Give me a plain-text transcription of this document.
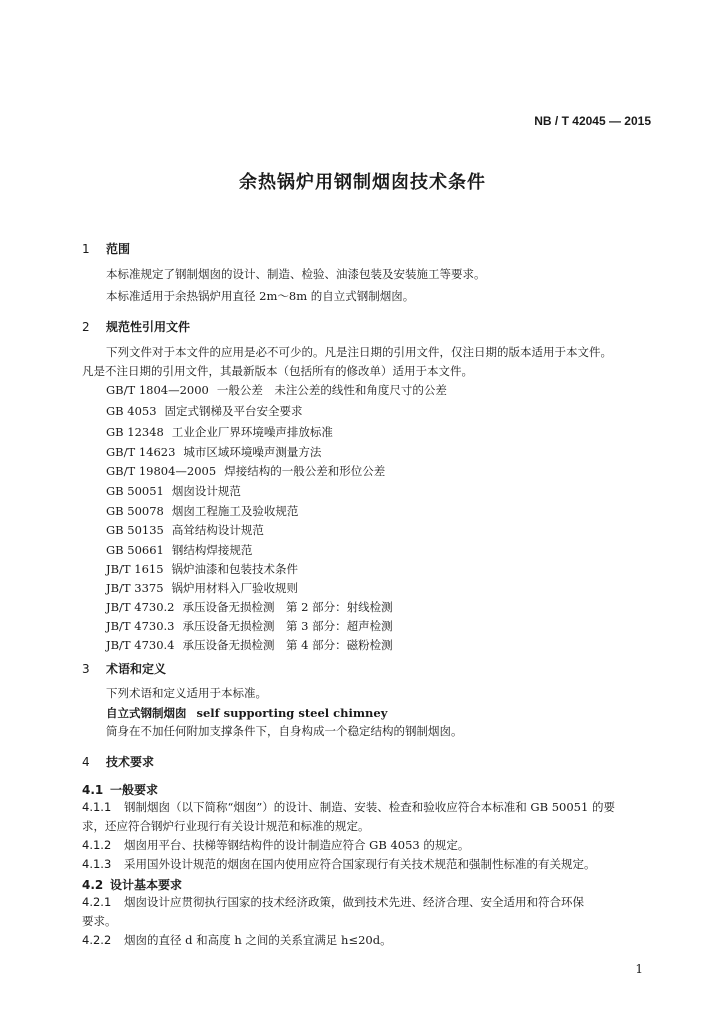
NB / T 42045 — 2015
余热锅炉用钢制烟囱技术条件
1 范围
本标准规定了钢制烟囱的设计、制造、检验、油漆包装及安装施工等要求。
本标准适用于余热锅炉用直径 2m～8m 的自立式钢制烟囱。
2 规范性引用文件
下列文件对于本文件的应用是必不可少的。凡是注日期的引用文件，仅注日期的版本适用于本文件。
凡是不注日期的引用文件，其最新版本（包括所有的修改单）适用于本文件。
GB/T 1804—2000 一般公差　未注公差的线性和角度尺寸的公差
GB 4053 固定式钢梯及平台安全要求
GB 12348 工业企业厂界环境噪声排放标准
GB/T 14623 城市区域环境噪声测量方法
GB/T 19804—2005 焊接结构的一般公差和形位公差
GB 50051 烟囱设计规范
GB 50078 烟囱工程施工及验收规范
GB 50135 高耸结构设计规范
GB 50661 钢结构焊接规范
JB/T 1615 锅炉油漆和包装技术条件
JB/T 3375 锅炉用材料入厂验收规则
JB/T 4730.2 承压设备无损检测　第 2 部分：射线检测
JB/T 4730.3 承压设备无损检测　第 3 部分：超声检测
JB/T 4730.4 承压设备无损检测　第 4 部分：磁粉检测
3 术语和定义
下列术语和定义适用于本标准。
自立式钢制烟囱 self supporting steel chimney
筒身在不加任何附加支撑条件下，自身构成一个稳定结构的钢制烟囱。
4 技术要求
4.1 一般要求
4.1.1 钢制烟囱（以下简称“烟囱”）的设计、制造、安装、检查和验收应符合本标准和 GB 50051 的要
求，还应符合钢炉行业现行有关设计规范和标准的规定。
4.1.2 烟囱用平台、扶梯等钢结构件的设计制造应符合 GB 4053 的规定。
4.1.3 采用国外设计规范的烟囱在国内使用应符合国家现行有关技术规范和强制性标准的有关规定。
4.2 设计基本要求
4.2.1 烟囱设计应贯彻执行国家的技术经济政策，做到技术先进、经济合理、安全适用和符合环保
要求。
4.2.2 烟囱的直径 d 和高度 h 之间的关系宜满足 h≤20d。
1
